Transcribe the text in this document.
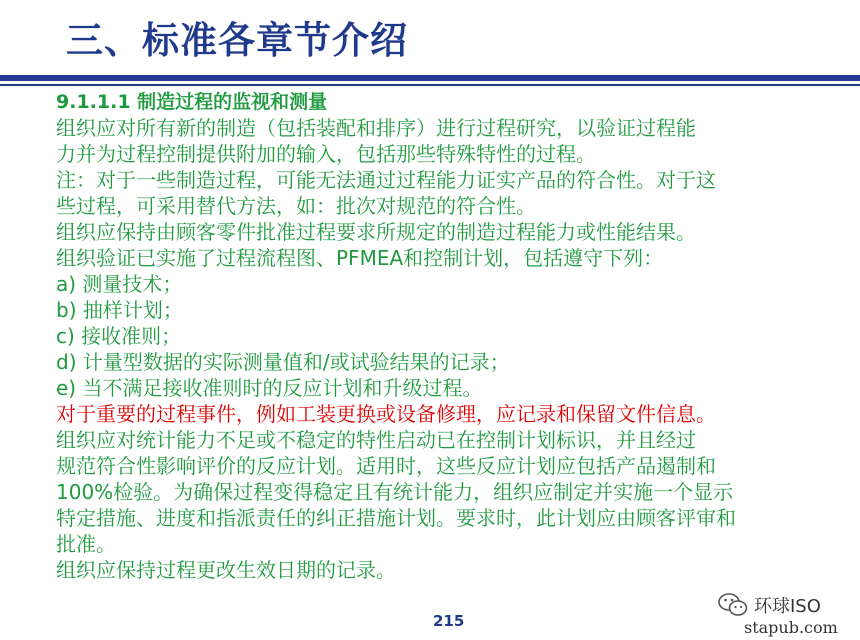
三、标准各章节介绍
9.1.1.1 制造过程的监视和测量
组织应对所有新的制造（包括装配和排序）进行过程研究，以验证过程能
力并为过程控制提供附加的输入，包括那些特殊特性的过程。
注：对于一些制造过程，可能无法通过过程能力证实产品的符合性。对于这
些过程，可采用替代方法，如：批次对规范的符合性。
组织应保持由顾客零件批准过程要求所规定的制造过程能力或性能结果。
组织验证已实施了过程流程图、PFMEA和控制计划，包括遵守下列：
a) 测量技术；
b) 抽样计划；
c) 接收准则；
d) 计量型数据的实际测量值和/或试验结果的记录；
e) 当不满足接收准则时的反应计划和升级过程。
对于重要的过程事件，例如工装更换或设备修理，应记录和保留文件信息。
组织应对统计能力不足或不稳定的特性启动已在控制计划标识，并且经过
规范符合性影响评价的反应计划。适用时，这些反应计划应包括产品遏制和
100%检验。为确保过程变得稳定且有统计能力，组织应制定并实施一个显示
特定措施、进度和指派责任的纠正措施计划。要求时，此计划应由顾客评审和
批准。
组织应保持过程更改生效日期的记录。
215
环球ISO
stapub.com
